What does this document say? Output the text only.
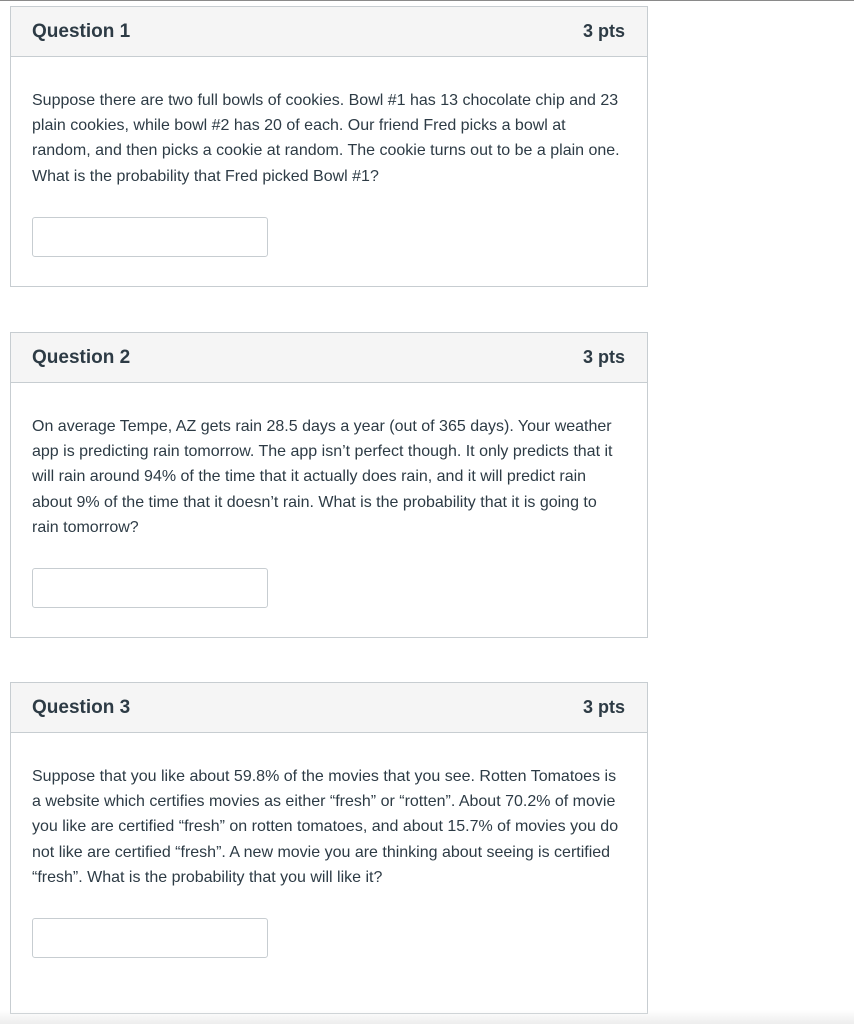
Question 1	3 pts

Suppose there are two full bowls of cookies. Bowl #1 has 13 chocolate chip and 23 plain cookies, while bowl #2 has 20 of each. Our friend Fred picks a bowl at random, and then picks a cookie at random. The cookie turns out to be a plain one. What is the probability that Fred picked Bowl #1?

Question 2	3 pts

On average Tempe, AZ gets rain 28.5 days a year (out of 365 days). Your weather app is predicting rain tomorrow. The app isn’t perfect though. It only predicts that it will rain around 94% of the time that it actually does rain, and it will predict rain about 9% of the time that it doesn’t rain. What is the probability that it is going to rain tomorrow?

Question 3	3 pts

Suppose that you like about 59.8% of the movies that you see. Rotten Tomatoes is a website which certifies movies as either “fresh” or “rotten”. About 70.2% of movie you like are certified “fresh” on rotten tomatoes, and about 15.7% of movies you do not like are certified “fresh”. A new movie you are thinking about seeing is certified “fresh”. What is the probability that you will like it?
